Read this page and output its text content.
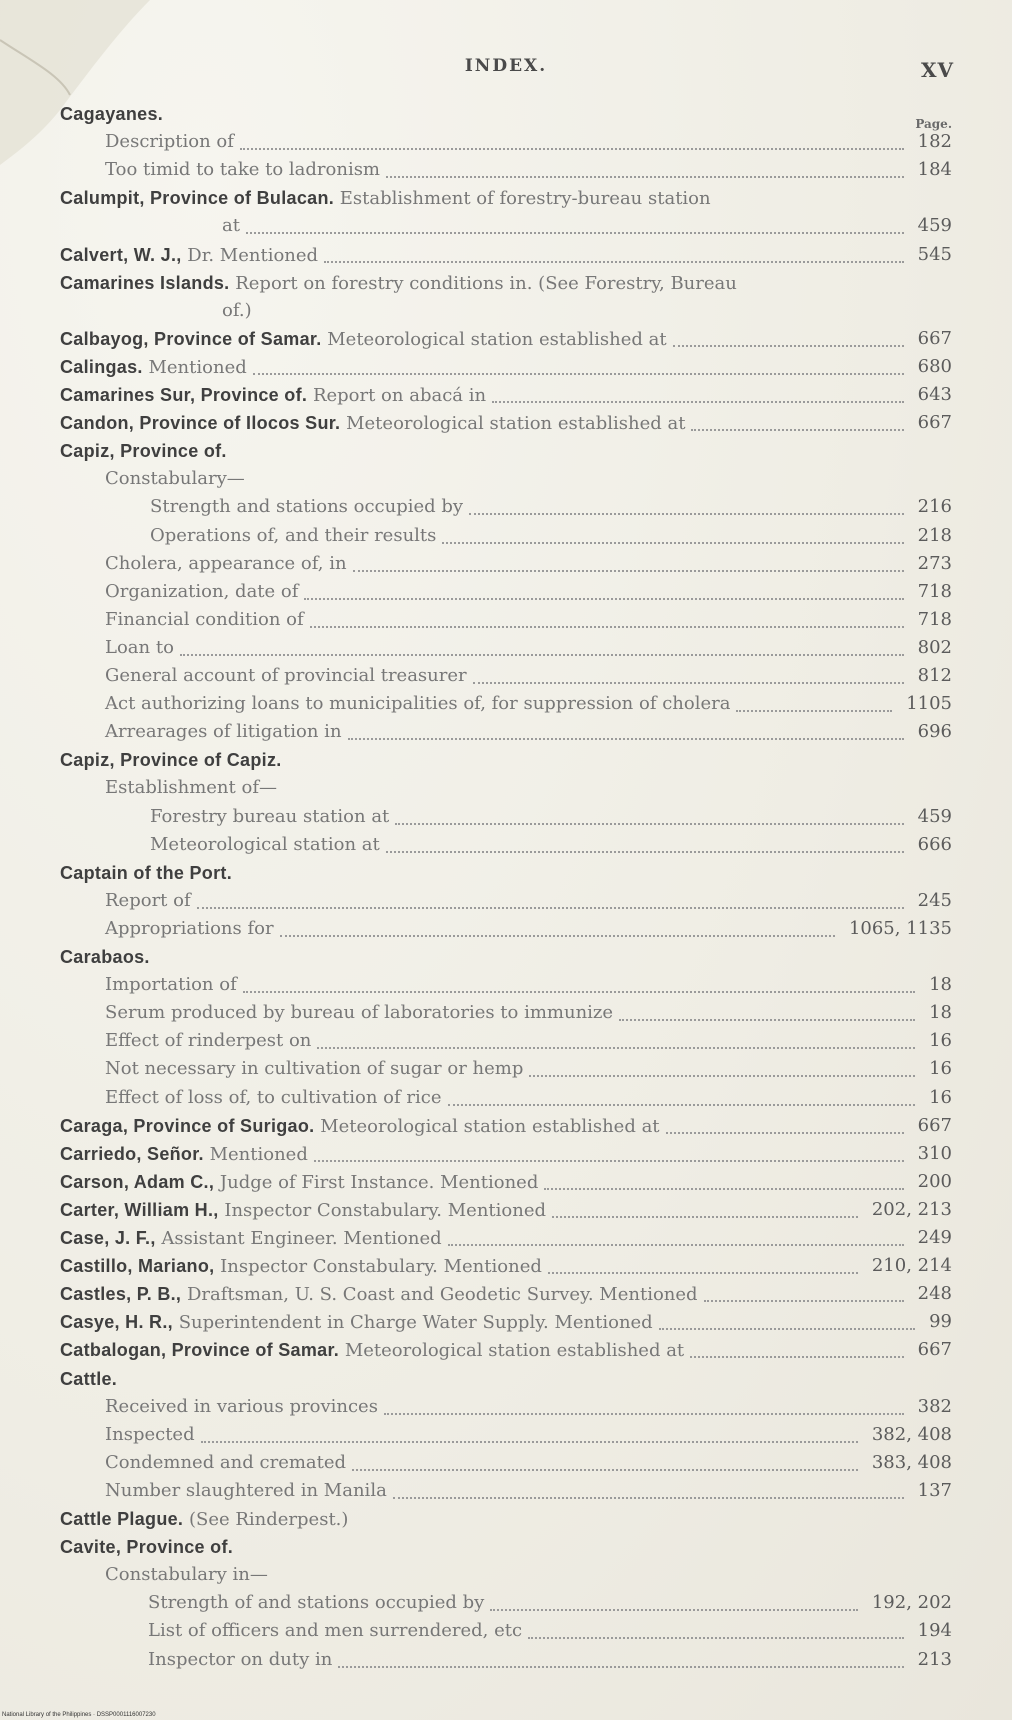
INDEX.	XV
Page.
Cagayanes.
Description of	182
Too timid to take to ladronism	184
Calumpit, Province of Bulacan. Establishment of forestry-bureau station
at	459
Calvert, W. J., Dr. Mentioned	545
Camarines Islands. Report on forestry conditions in. (See Forestry, Bureau
of.)
Calbayog, Province of Samar. Meteorological station established at	667
Calingas. Mentioned	680
Camarines Sur, Province of. Report on abacá in	643
Candon, Province of Ilocos Sur. Meteorological station established at	667
Capiz, Province of.
Constabulary—
Strength and stations occupied by	216
Operations of, and their results	218
Cholera, appearance of, in	273
Organization, date of	718
Financial condition of	718
Loan to	802
General account of provincial treasurer	812
Act authorizing loans to municipalities of, for suppression of cholera	1105
Arrearages of litigation in	696
Capiz, Province of Capiz.
Establishment of—
Forestry bureau station at	459
Meteorological station at	666
Captain of the Port.
Report of	245
Appropriations for	1065, 1135
Carabaos.
Importation of	18
Serum produced by bureau of laboratories to immunize	18
Effect of rinderpest on	16
Not necessary in cultivation of sugar or hemp	16
Effect of loss of, to cultivation of rice	16
Caraga, Province of Surigao. Meteorological station established at	667
Carriedo, Señor. Mentioned	310
Carson, Adam C., Judge of First Instance. Mentioned	200
Carter, William H., Inspector Constabulary. Mentioned	202, 213
Case, J. F., Assistant Engineer. Mentioned	249
Castillo, Mariano, Inspector Constabulary. Mentioned	210, 214
Castles, P. B., Draftsman, U. S. Coast and Geodetic Survey. Mentioned	248
Casye, H. R., Superintendent in Charge Water Supply. Mentioned	99
Catbalogan, Province of Samar. Meteorological station established at	667
Cattle.
Received in various provinces	382
Inspected	382, 408
Condemned and cremated	383, 408
Number slaughtered in Manila	137
Cattle Plague. (See Rinderpest.)
Cavite, Province of.
Constabulary in—
Strength of and stations occupied by	192, 202
List of officers and men surrendered, etc	194
Inspector on duty in	213
National Library of the Philippines · DSSP0001116007230
